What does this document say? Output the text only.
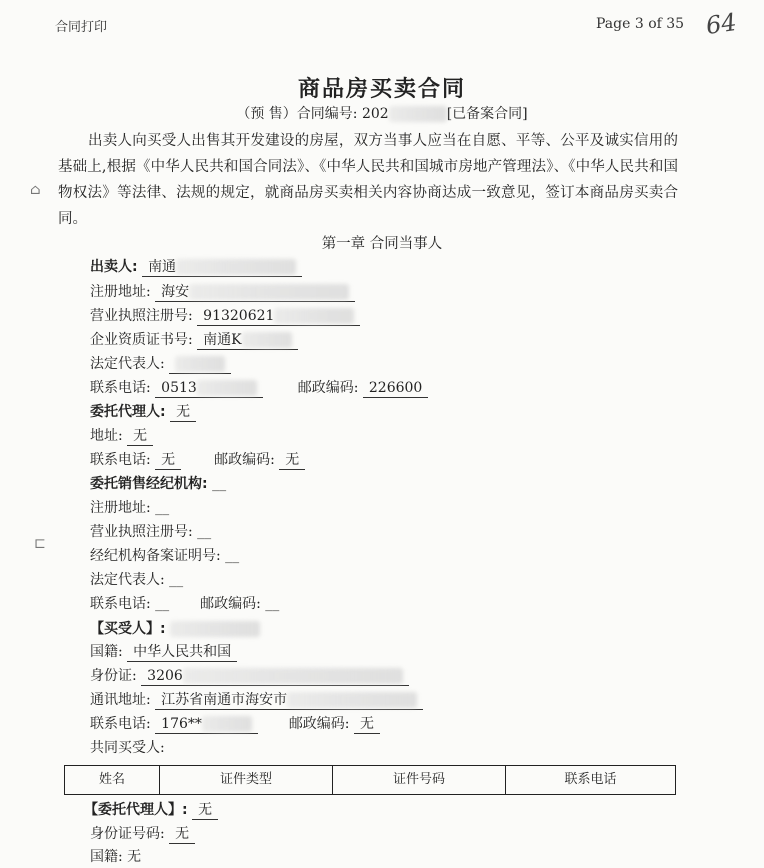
合同打印	Page 3 of 35 64
⌂
⊏
商品房买卖合同
（预 售）合同编号: 202	[已备案合同]
出卖人向买受人出售其开发建设的房屋，双方当事人应当在自愿、平等、公平及诚实信用的基础上,根据《中华人民共和国合同法》、《中华人民共和国城市房地产管理法》、《中华人民共和国物权法》等法律、法规的规定，就商品房买卖相关内容协商达成一致意见，签订本商品房买卖合同。
第一章 合同当事人
出卖人: 南通
注册地址: 海安
营业执照注册号: 91320621
企业资质证书号: 南通K
法定代表人:
联系电话: 0513	邮政编码: 226600
委托代理人: 无
地址: 无
联系电话: 无	邮政编码: 无
委托销售经纪机构: __
注册地址: __
营业执照注册号: __
经纪机构备案证明号: __
法定代表人: __
联系电话: __ 邮政编码: __
【买受人】:
国籍: 中华人民共和国
身份证: 3206
通讯地址: 江苏省南通市海安市
联系电话: 176**	邮政编码: 无
共同买受人:
姓名	证件类型	证件号码	联系电话
【委托代理人】: 无
身份证号码: 无
国籍: 无
